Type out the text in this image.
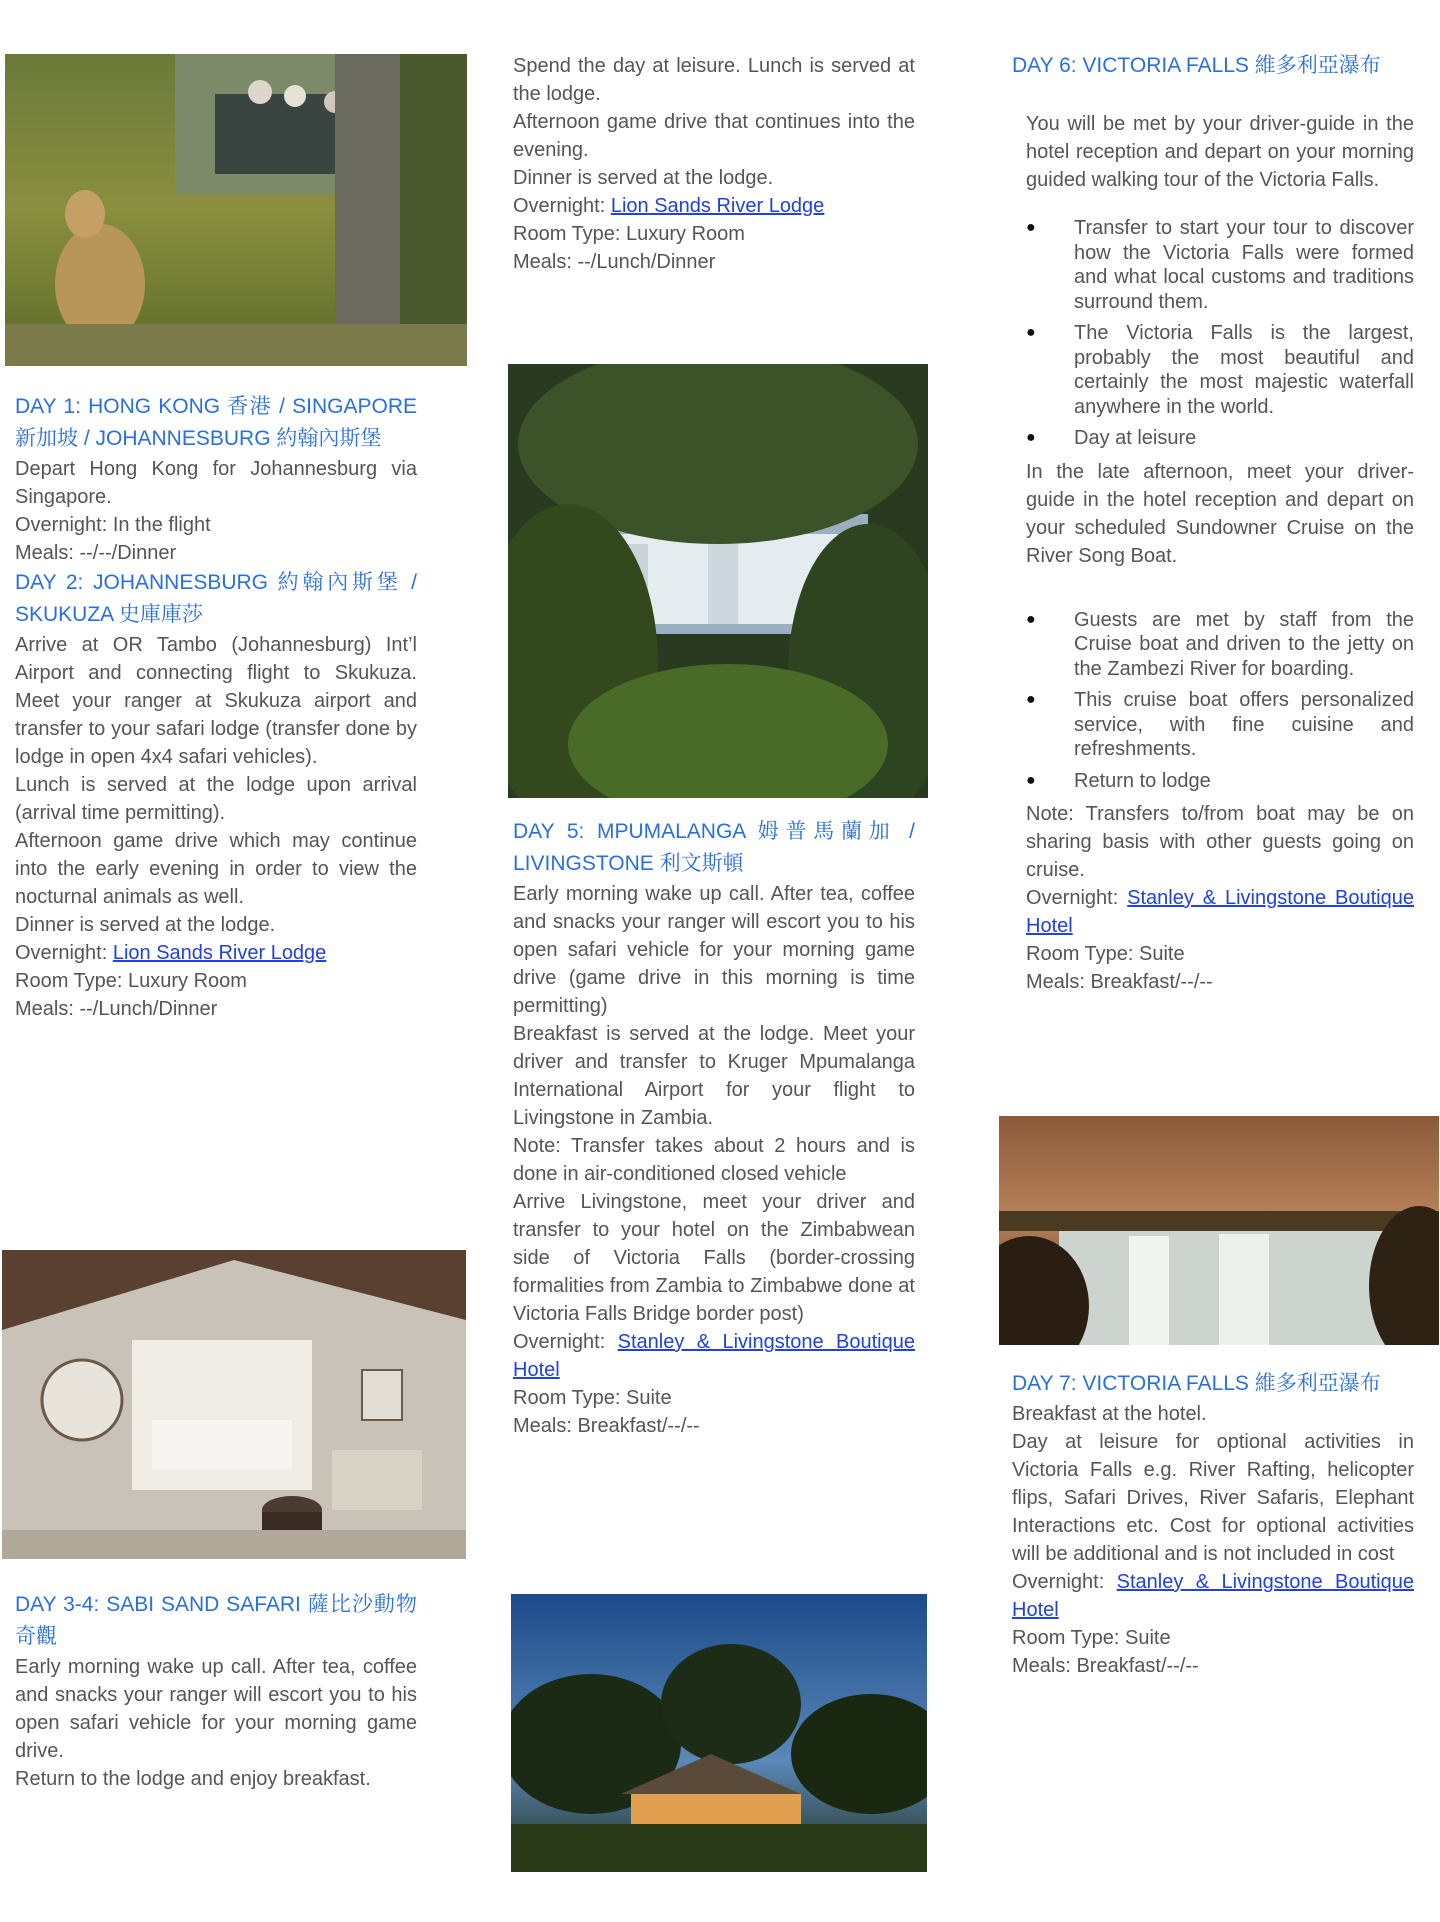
DAY 1: HONG KONG 香港 / SINGAPORE 新加坡 / JOHANNESBURG 約翰內斯堡

Depart Hong Kong for Johannesburg via Singapore.

Overnight: In the flight

Meals: --/--/Dinner

DAY 2: JOHANNESBURG 約翰內斯堡 / SKUKUZA 史庫庫莎

Arrive at OR Tambo (Johannesburg) Int’l Airport and connecting flight to Skukuza. Meet your ranger at Skukuza airport and transfer to your safari lodge (transfer done by lodge in open 4x4 safari vehicles).

Lunch is served at the lodge upon arrival (arrival time permitting).

Afternoon game drive which may continue into the early evening in order to view the nocturnal animals as well.

Dinner is served at the lodge.

Overnight: Lion Sands River Lodge

Room Type: Luxury Room

Meals: --/Lunch/Dinner

DAY 3-4: SABI SAND SAFARI 薩比沙動物奇觀

Early morning wake up call. After tea, coffee and snacks your ranger will escort you to his open safari vehicle for your morning game drive.

Return to the lodge and enjoy breakfast.

Spend the day at leisure. Lunch is served at the lodge.

Afternoon game drive that continues into the evening.

Dinner is served at the lodge.

Overnight: Lion Sands River Lodge

Room Type: Luxury Room

Meals: --/Lunch/Dinner

DAY 5: MPUMALANGA 姆普馬蘭加 / LIVINGSTONE 利文斯頓

Early morning wake up call. After tea, coffee and snacks your ranger will escort you to his open safari vehicle for your morning game drive (game drive in this morning is time permitting)

Breakfast is served at the lodge. Meet your driver and transfer to Kruger Mpumalanga International Airport for your flight to Livingstone in Zambia.

Note: Transfer takes about 2 hours and is done in air-conditioned closed vehicle

Arrive Livingstone, meet your driver and transfer to your hotel on the Zimbabwean side of Victoria Falls (border-crossing formalities from Zambia to Zimbabwe done at Victoria Falls Bridge border post)

Overnight: Stanley & Livingstone Boutique Hotel

Room Type: Suite

Meals: Breakfast/--/--

DAY 6: VICTORIA FALLS 維多利亞瀑布

You will be met by your driver-guide in the hotel reception and depart on your morning guided walking tour of the Victoria Falls.

● Transfer to start your tour to discover how the Victoria Falls were formed and what local customs and traditions surround them.
● The Victoria Falls is the largest, probably the most beautiful and certainly the most majestic waterfall anywhere in the world.
● Day at leisure

In the late afternoon, meet your driver-guide in the hotel reception and depart on your scheduled Sundowner Cruise on the River Song Boat.

● Guests are met by staff from the Cruise boat and driven to the jetty on the Zambezi River for boarding.
● This cruise boat offers personalized service, with fine cuisine and refreshments.
● Return to lodge

Note: Transfers to/from boat may be on sharing basis with other guests going on cruise.

Overnight: Stanley & Livingstone Boutique Hotel

Room Type: Suite

Meals: Breakfast/--/--

DAY 7: VICTORIA FALLS 維多利亞瀑布

Breakfast at the hotel.

Day at leisure for optional activities in Victoria Falls e.g. River Rafting, helicopter flips, Safari Drives, River Safaris, Elephant Interactions etc. Cost for optional activities will be additional and is not included in cost

Overnight: Stanley & Livingstone Boutique Hotel

Room Type: Suite

Meals: Breakfast/--/--
